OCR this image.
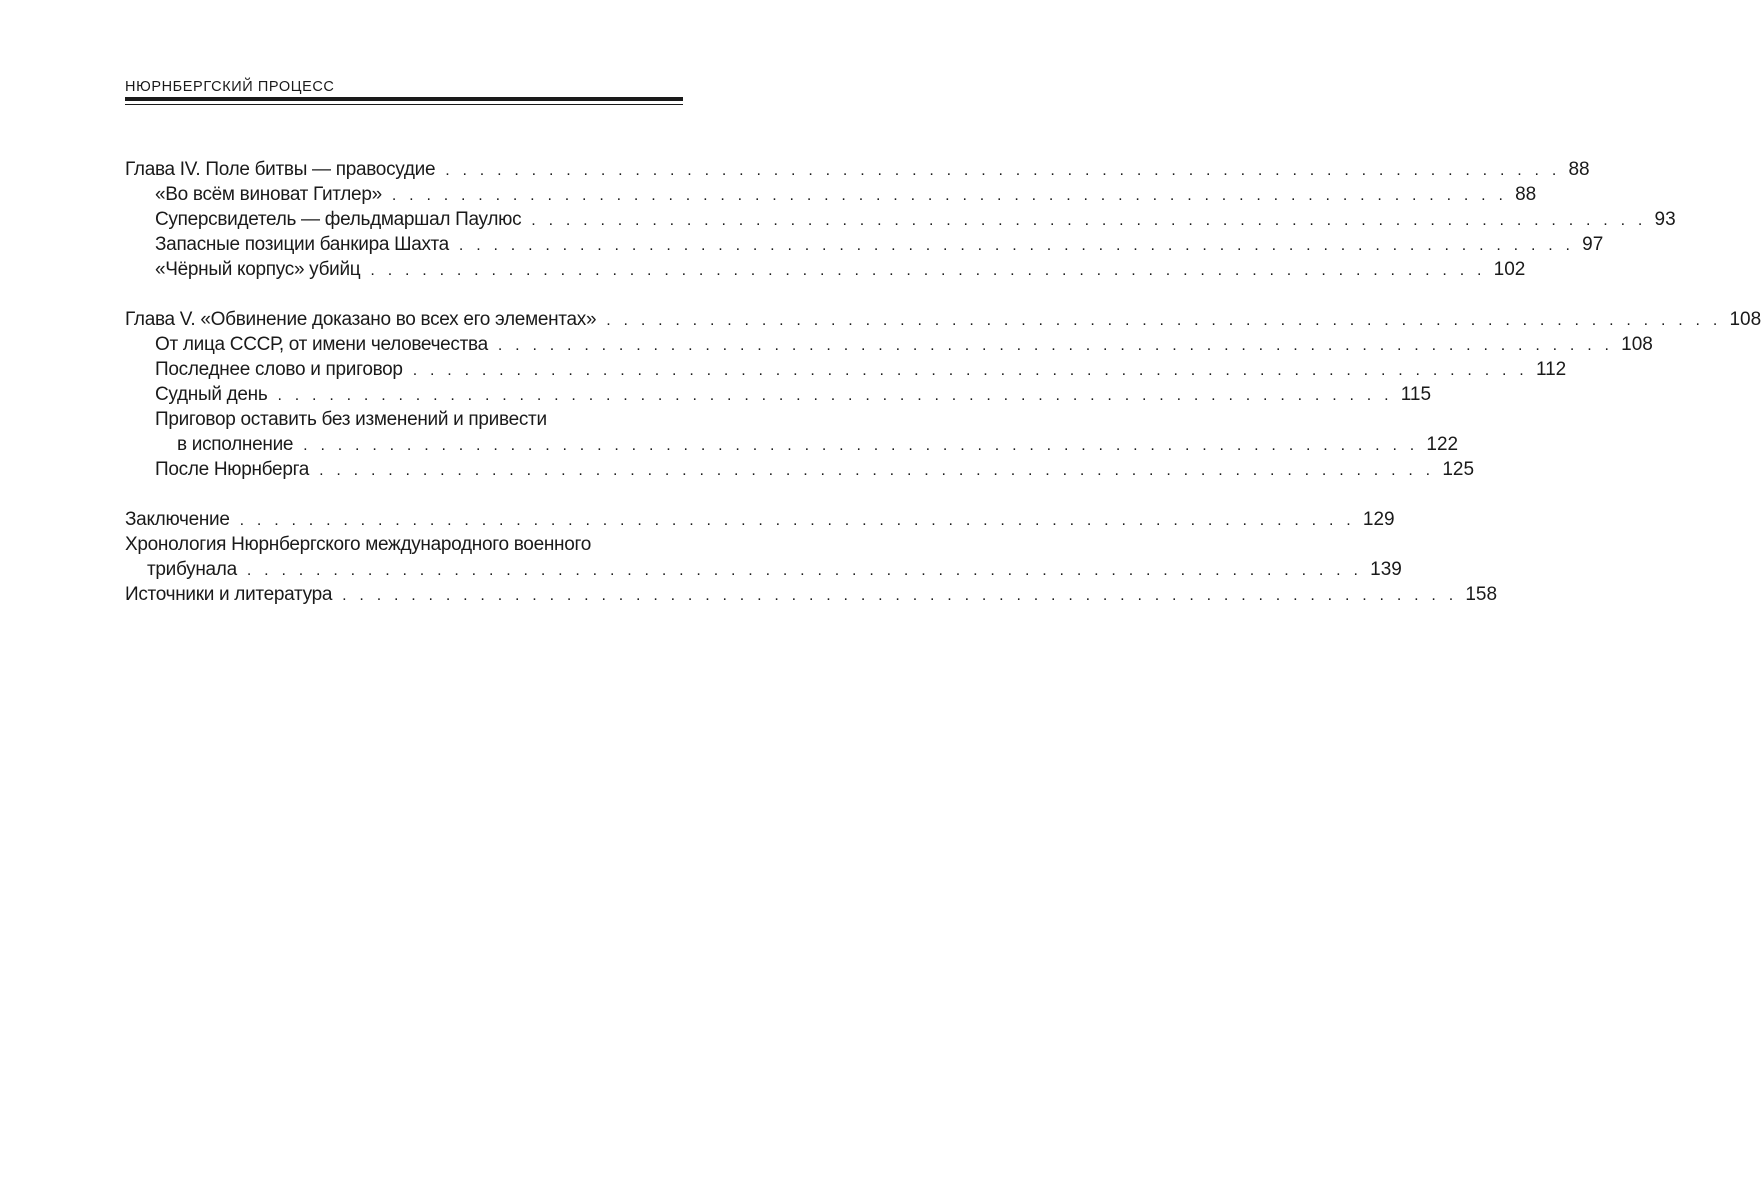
НЮРНБЕРГСКИЙ ПРОЦЕСС
Глава IV. Поле битвы — правосудие . . . . . . . . . . . . . . . . . . . . . . . . . . . . . . . . . . . . . . . . . . . . . . . . . . . . . . . . . . . . . . . . . 88
«Во всём виноват Гитлер» . . . . . . . . . . . . . . . . . . . . . . . . . . . . . . . . . . . . . . . . . . . . . . . . . . . . . . . . . . . . . . . . . 88
Суперсвидетель — фельдмаршал Паулюс . . . . . . . . . . . . . . . . . . . . . . . . . . . . . . . . . . . . . . . . . . . . . . . . . . . . . . . . . . . . . . . . . 93
Запасные позиции банкира Шахта . . . . . . . . . . . . . . . . . . . . . . . . . . . . . . . . . . . . . . . . . . . . . . . . . . . . . . . . . . . . . . . . . 97
«Чёрный корпус» убийц . . . . . . . . . . . . . . . . . . . . . . . . . . . . . . . . . . . . . . . . . . . . . . . . . . . . . . . . . . . . . . . . . 102
Глава V. «Обвинение доказано во всех его элементах» . . . . . . . . . . . . . . . . . . . . . . . . . . . . . . . . . . . . . . . . . . . . . . . . . . . . . . . . . . . . . . . . . 108
От лица СССР, от имени человечества . . . . . . . . . . . . . . . . . . . . . . . . . . . . . . . . . . . . . . . . . . . . . . . . . . . . . . . . . . . . . . . . . 108
Последнее слово и приговор . . . . . . . . . . . . . . . . . . . . . . . . . . . . . . . . . . . . . . . . . . . . . . . . . . . . . . . . . . . . . . . . . 112
Судный день . . . . . . . . . . . . . . . . . . . . . . . . . . . . . . . . . . . . . . . . . . . . . . . . . . . . . . . . . . . . . . . . . 115
Приговор оставить без изменений и привести
в исполнение . . . . . . . . . . . . . . . . . . . . . . . . . . . . . . . . . . . . . . . . . . . . . . . . . . . . . . . . . . . . . . . . . 122
После Нюрнберга . . . . . . . . . . . . . . . . . . . . . . . . . . . . . . . . . . . . . . . . . . . . . . . . . . . . . . . . . . . . . . . . . 125
Заключение . . . . . . . . . . . . . . . . . . . . . . . . . . . . . . . . . . . . . . . . . . . . . . . . . . . . . . . . . . . . . . . . . 129
Хронология Нюрнбергского международного военного
трибунала . . . . . . . . . . . . . . . . . . . . . . . . . . . . . . . . . . . . . . . . . . . . . . . . . . . . . . . . . . . . . . . . . 139
Источники и литература . . . . . . . . . . . . . . . . . . . . . . . . . . . . . . . . . . . . . . . . . . . . . . . . . . . . . . . . . . . . . . . . . 158
